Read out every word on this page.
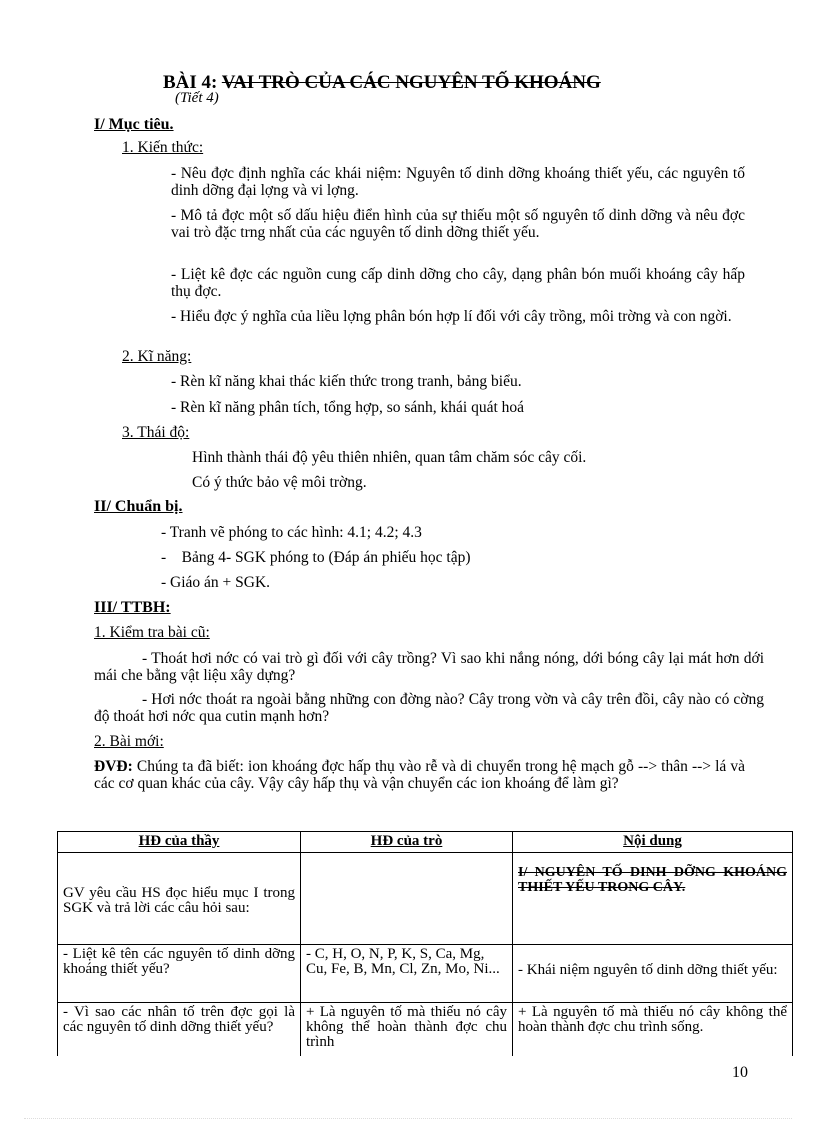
BÀI 4: VAI TRÒ CỦA CÁC NGUYÊN TỐ KHOÁNG
(Tiết 4)
I/ Mục tiêu.
1. Kiến thức:
- Nêu đợc định nghĩa các khái niệm: Nguyên tố dinh dỡng khoáng thiết yếu, các nguyên tố dinh dỡng đại lợng và vi lợng.
- Mô tả đợc một số dấu hiệu điển hình của sự thiếu một số nguyên tố dinh dỡng và nêu đợc vai trò đặc trng nhất của các nguyên tố dinh dỡng thiết yếu.
- Liệt kê đợc các nguồn cung cấp dinh dỡng cho cây, dạng phân bón muối khoáng cây hấp thụ đợc.
- Hiểu đợc ý nghĩa của liều lợng phân bón hợp lí đối với cây trồng, môi trờng và con ngời.
2. Kĩ năng:
- Rèn kĩ năng khai thác kiến thức trong tranh, bảng biểu.
- Rèn kĩ năng phân tích, tổng hợp, so sánh, khái quát hoá
3. Thái độ:
Hình thành thái độ yêu thiên nhiên, quan tâm chăm sóc cây cối.
Có ý thức bảo vệ môi trờng.
II/ Chuẩn bị.
- Tranh vẽ phóng to các hình: 4.1; 4.2; 4.3
-    Bảng 4- SGK phóng to (Đáp án phiếu học tập)
- Giáo án + SGK.
III/ TTBH:
1. Kiểm tra bài cũ:
- Thoát hơi nớc có vai trò gì đối với cây trồng? Vì sao khi nắng nóng, dới bóng cây lại mát hơn dới mái che bằng vật liệu xây dựng?
- Hơi nớc thoát ra ngoài bằng những con đờng nào? Cây trong vờn và cây trên đồi, cây nào có cờng độ thoát hơi nớc qua cutin mạnh hơn?
2. Bài mới:
ĐVĐ: Chúng ta đã biết: ion khoáng đợc hấp thụ vào rễ và di chuyển trong hệ mạch gỗ --> thân --> lá và các cơ quan khác của cây. Vậy cây hấp thụ và vận chuyển các ion khoáng để làm gì?
HĐ của thầy	HĐ của trò	Nội dung
GV yêu cầu HS đọc hiểu mục I trong SGK và trả lời các câu hỏi sau:		I/ NGUYÊN TỐ DINH DỠNG KHOÁNG THIẾT YẾU TRONG CÂY.
- Liệt kê tên các nguyên tố dinh dỡng khoáng thiết yếu?	- C, H, O, N, P, K, S, Ca, Mg, Cu, Fe, B, Mn, Cl, Zn, Mo, Ni...	- Khái niệm nguyên tố dinh dỡng thiết yếu:
- Vì sao các nhân tố trên đợc gọi là các nguyên tố dinh dỡng thiết yếu?	+ Là nguyên tố mà thiếu nó cây không thể hoàn thành đợc chu trình	+ Là nguyên tố mà thiếu nó cây không thể hoàn thành đợc chu trình sống.
10
